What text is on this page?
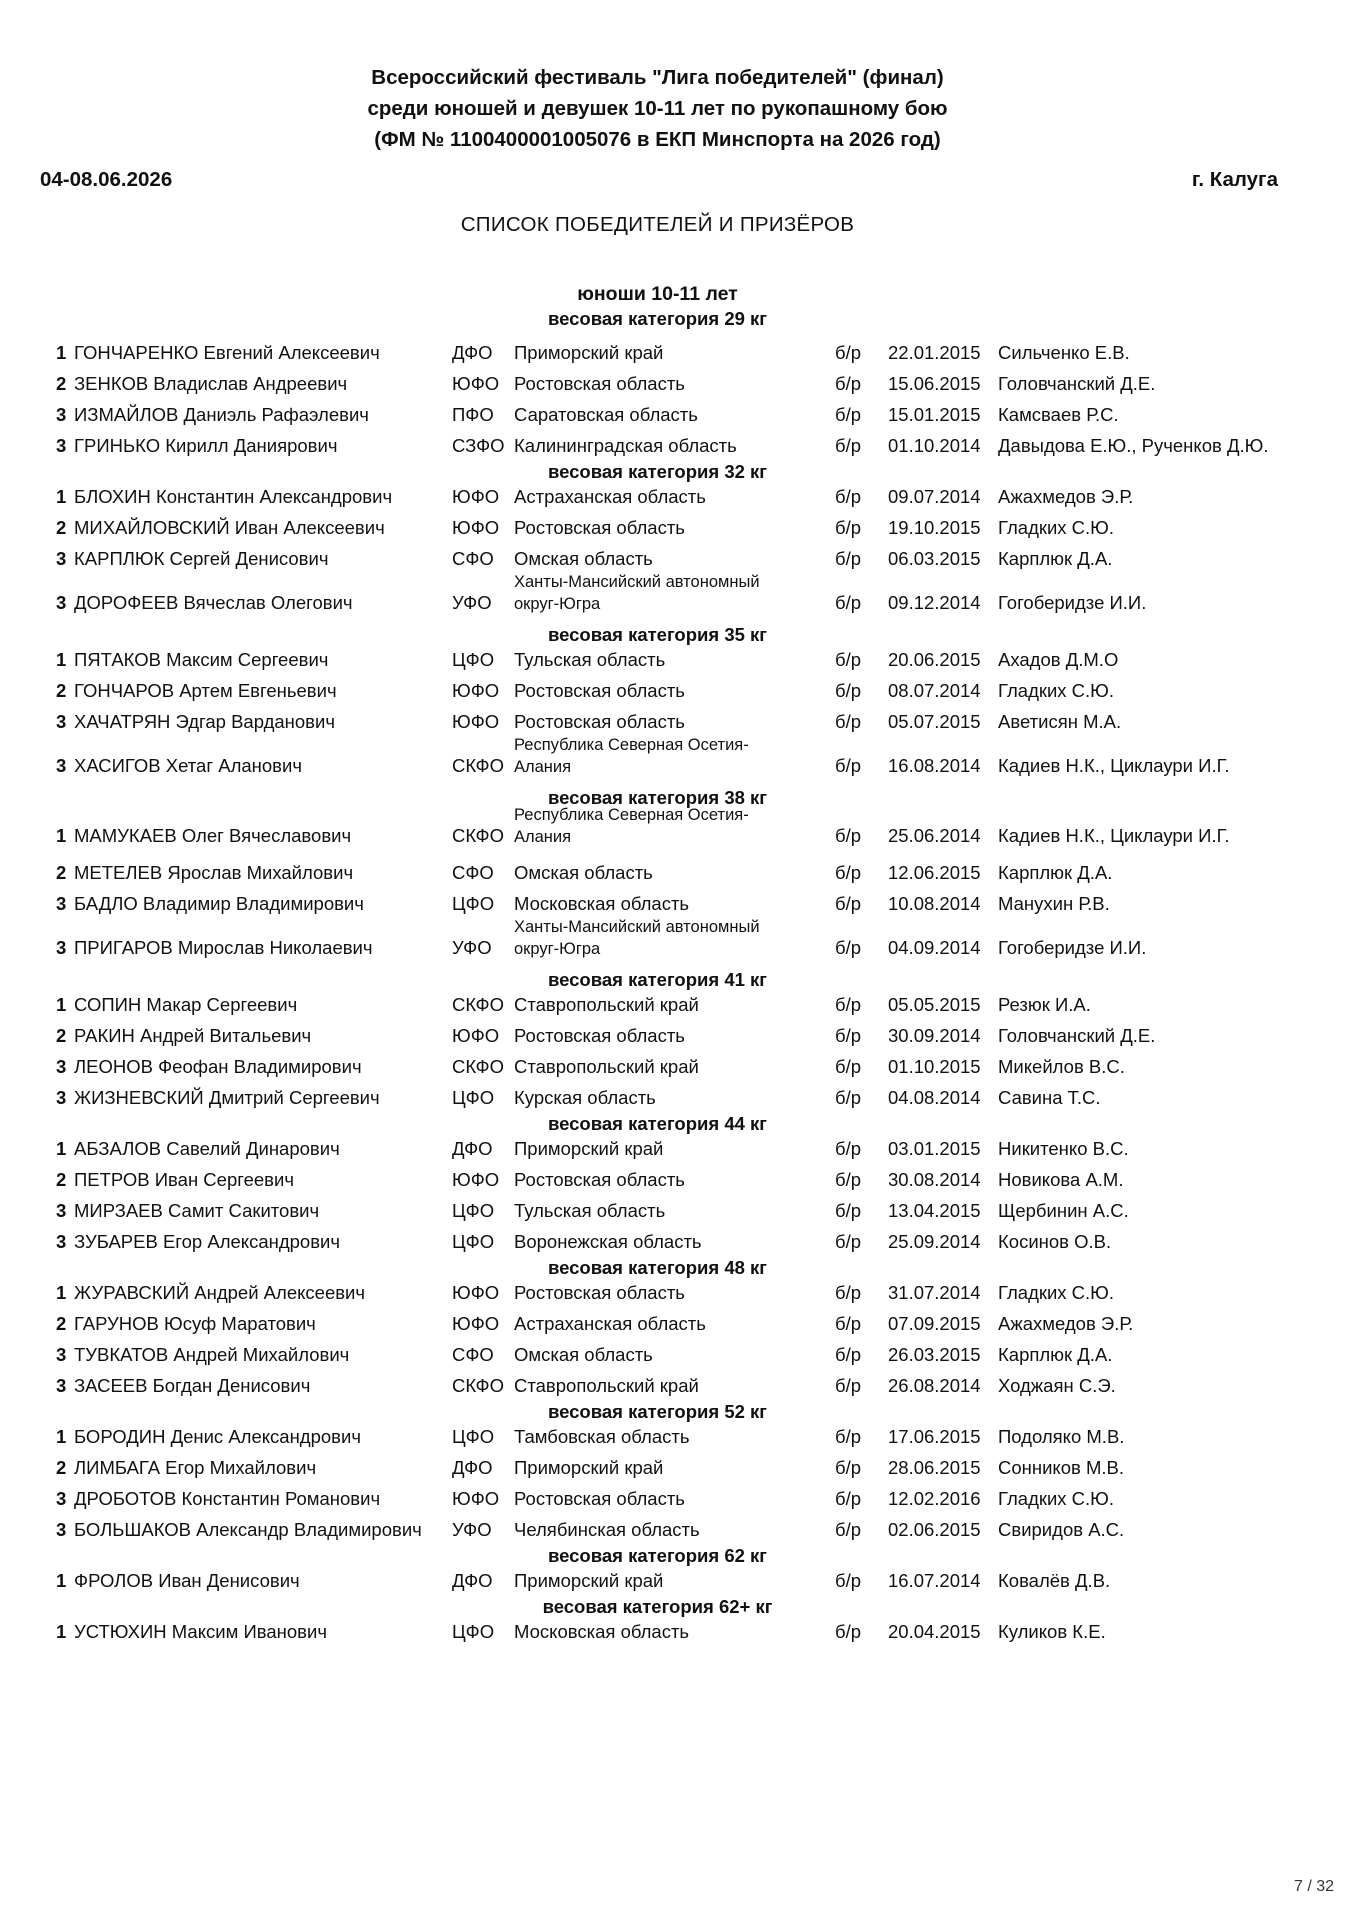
Всероссийский фестиваль "Лига победителей" (финал)
среди юношей и девушек 10-11 лет по рукопашному бою
(ФМ № 1100400001005076 в ЕКП Минспорта на 2026 год)
04-08.06.2026	г. Калуга
СПИСОК ПОБЕДИТЕЛЕЙ И ПРИЗЁРОВ
юноши 10-11 лет
весовая категория 29 кг
1 ГОНЧАРЕНКО Евгений Алексеевич	ДФО Приморский край	б/р 22.01.2015 Сильченко Е.В.
2 ЗЕНКОВ Владислав Андреевич	ЮФО Ростовская область	б/р 15.06.2015 Головчанский Д.Е.
3 ИЗМАЙЛОВ Даниэль Рафаэлевич	ПФО Саратовская область	б/р 15.01.2015 Камсваев Р.С.
3 ГРИНЬКО Кирилл Даниярович	СЗФО Калининградская область	б/р 01.10.2014 Давыдова Е.Ю., Рученков Д.Ю.
весовая категория 32 кг
1 БЛОХИН Константин Александрович	ЮФО Астраханская область	б/р 09.07.2014 Ажахмедов Э.Р.
2 МИХАЙЛОВСКИЙ Иван Алексеевич	ЮФО Ростовская область	б/р 19.10.2015 Гладких С.Ю.
3 КАРПЛЮК Сергей Денисович	СФО Омская область	б/р 06.03.2015 Карплюк Д.А.
3 ДОРОФЕЕВ Вячеслав Олегович	УФО
Ханты-Мансийский автономный округ-Югра	б/р 09.12.2014 Гогоберидзе И.И.
весовая категория 35 кг
1 ПЯТАКОВ Максим Сергеевич	ЦФО Тульская область	б/р 20.06.2015 Ахадов Д.М.О
2 ГОНЧАРОВ Артем Евгеньевич	ЮФО Ростовская область	б/р 08.07.2014 Гладких С.Ю.
3 ХАЧАТРЯН Эдгар Варданович	ЮФО Ростовская область	б/р 05.07.2015 Аветисян М.А.
3 ХАСИГОВ Хетаг Аланович	СКФО
Республика Северная Осетия-Алания	б/р 16.08.2014 Кадиев Н.К., Циклаури И.Г.
весовая категория 38 кг
1 МАМУКАЕВ Олег Вячеславович	СКФО
Республика Северная Осетия-Алания	б/р 25.06.2014 Кадиев Н.К., Циклаури И.Г.
2 МЕТЕЛЕВ Ярослав Михайлович	СФО Омская область	б/р 12.06.2015 Карплюк Д.А.
3 БАДЛО Владимир Владимирович	ЦФО Московская область	б/р 10.08.2014 Манухин Р.В.
3 ПРИГАРОВ Мирослав Николаевич	УФО
Ханты-Мансийский автономный округ-Югра	б/р 04.09.2014 Гогоберидзе И.И.
весовая категория 41 кг
1 СОПИН Макар Сергеевич	СКФО Ставропольский край	б/р 05.05.2015 Резюк И.А.
2 РАКИН Андрей Витальевич	ЮФО Ростовская область	б/р 30.09.2014 Головчанский Д.Е.
3 ЛЕОНОВ Феофан Владимирович	СКФО Ставропольский край	б/р 01.10.2015 Микейлов В.С.
3 ЖИЗНЕВСКИЙ Дмитрий Сергеевич	ЦФО Курская область	б/р 04.08.2014 Савина Т.С.
весовая категория 44 кг
1 АБЗАЛОВ Савелий Динарович	ДФО Приморский край	б/р 03.01.2015 Никитенко В.С.
2 ПЕТРОВ Иван Сергеевич	ЮФО Ростовская область	б/р 30.08.2014 Новикова А.М.
3 МИРЗАЕВ Самит Сакитович	ЦФО Тульская область	б/р 13.04.2015 Щербинин А.С.
3 ЗУБАРЕВ Егор Александрович	ЦФО Воронежская область	б/р 25.09.2014 Косинов О.В.
весовая категория 48 кг
1 ЖУРАВСКИЙ Андрей Алексеевич	ЮФО Ростовская область	б/р 31.07.2014 Гладких С.Ю.
2 ГАРУНОВ Юсуф Маратович	ЮФО Астраханская область	б/р 07.09.2015 Ажахмедов Э.Р.
3 ТУВКАТОВ Андрей Михайлович	СФО Омская область	б/р 26.03.2015 Карплюк Д.А.
3 ЗАСЕЕВ Богдан Денисович	СКФО Ставропольский край	б/р 26.08.2014 Ходжаян С.Э.
весовая категория 52 кг
1 БОРОДИН Денис Александрович	ЦФО Тамбовская область	б/р 17.06.2015 Подоляко М.В.
2 ЛИМБАГА Егор Михайлович	ДФО Приморский край	б/р 28.06.2015 Сонников М.В.
3 ДРОБОТОВ Константин Романович	ЮФО Ростовская область	б/р 12.02.2016 Гладких С.Ю.
3 БОЛЬШАКОВ Александр Владимирович УФО Челябинская область	б/р 02.06.2015 Свиридов А.С.
весовая категория 62 кг
1 ФРОЛОВ Иван Денисович	ДФО Приморский край	б/р 16.07.2014 Ковалёв Д.В.
весовая категория 62+ кг
1 УСТЮХИН Максим Иванович	ЦФО Московская область	б/р 20.04.2015 Куликов К.Е.
7 / 32
